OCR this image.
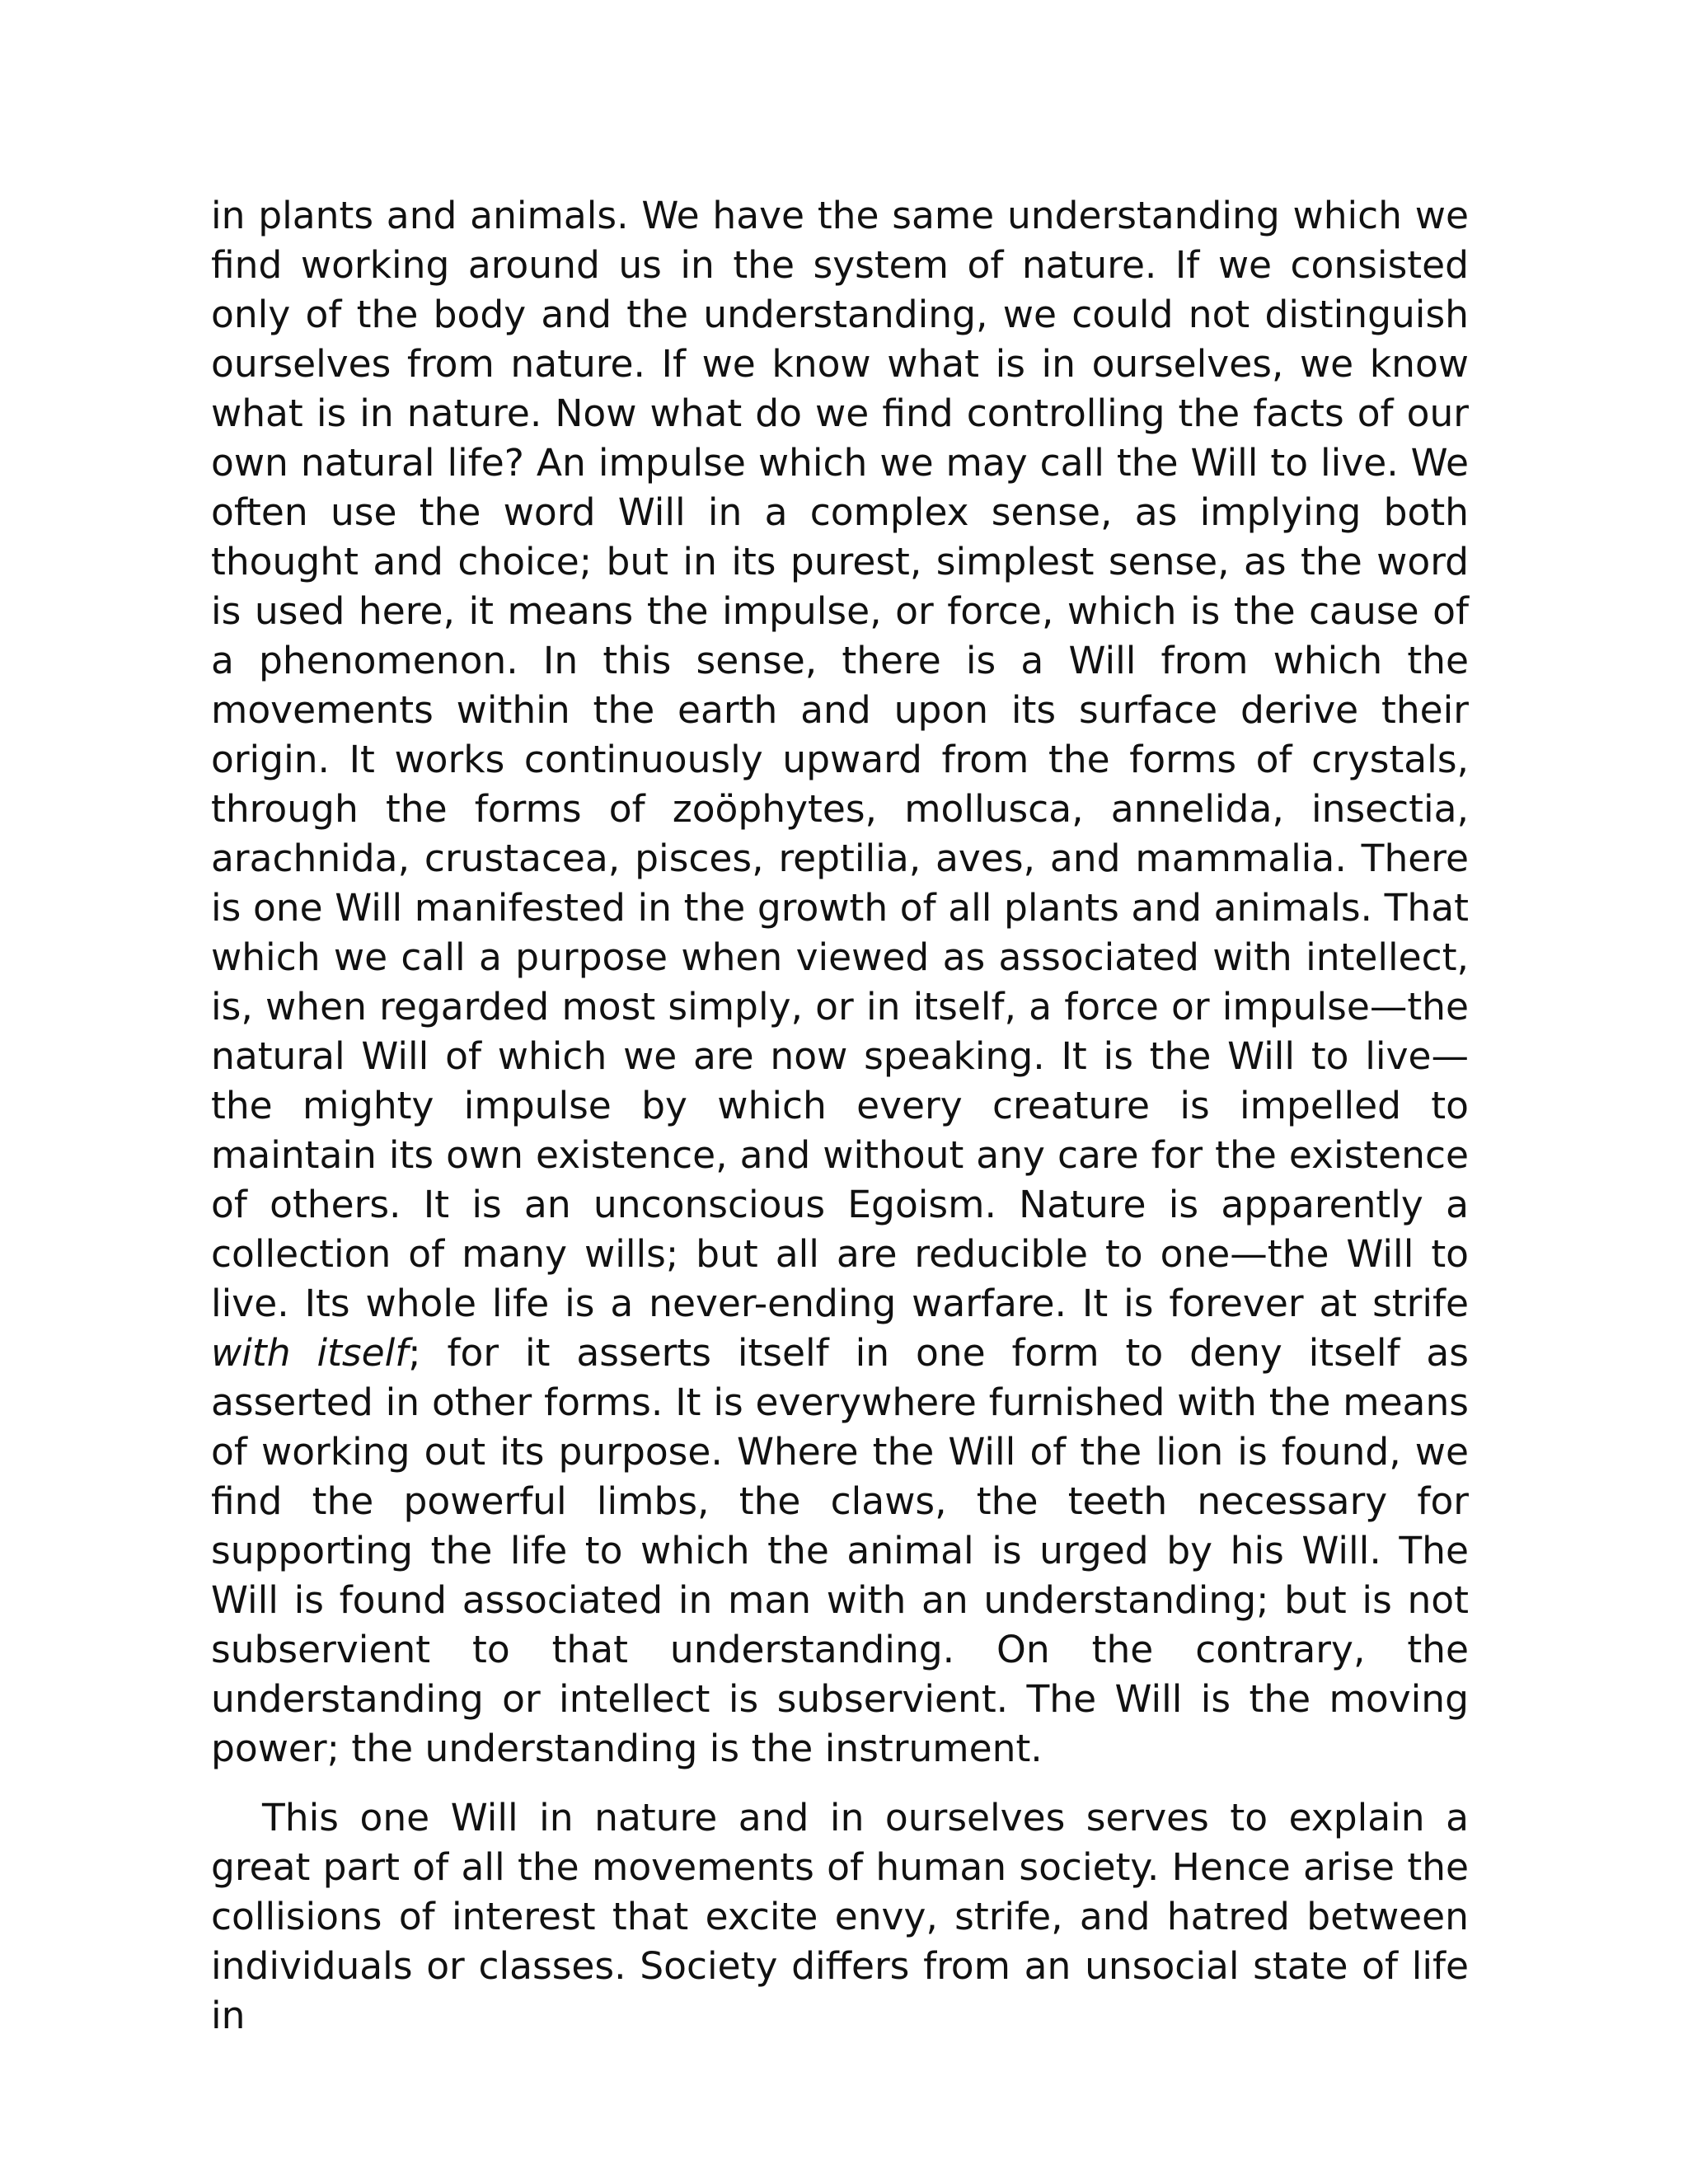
in plants and animals. We have the same understanding which we find working around us in the system of nature. If we consisted only of the body and the understanding, we could not distinguish ourselves from nature. If we know what is in ourselves, we know what is in nature. Now what do we find controlling the facts of our own natural life? An impulse which we may call the Will to live. We often use the word Will in a complex sense, as implying both thought and choice; but in its purest, simplest sense, as the word is used here, it means the impulse, or force, which is the cause of a phenomenon. In this sense, there is a Will from which the movements within the earth and upon its surface derive their origin. It works continuously upward from the forms of crystals, through the forms of zoöphytes, mollusca, annelida, insectia, arachnida, crustacea, pisces, reptilia, aves, and mammalia. There is one Will manifested in the growth of all plants and animals. That which we call a purpose when viewed as associated with intellect, is, when regarded most simply, or in itself, a force or impulse—the natural Will of which we are now speaking. It is the Will to live—the mighty impulse by which every creature is impelled to maintain its own existence, and without any care for the existence of others. It is an unconscious Egoism. Nature is apparently a collection of many wills; but all are reducible to one—the Will to live. Its whole life is a never-ending warfare. It is forever at strife with itself; for it asserts itself in one form to deny itself as asserted in other forms. It is everywhere furnished with the means of working out its purpose. Where the Will of the lion is found, we find the powerful limbs, the claws, the teeth necessary for supporting the life to which the animal is urged by his Will. The Will is found associated in man with an understanding; but is not subservient to that understanding. On the contrary, the understanding or intellect is subservient. The Will is the moving power; the understanding is the instrument.

This one Will in nature and in ourselves serves to explain a great part of all the movements of human society. Hence arise the collisions of interest that excite envy, strife, and hatred between individuals or classes. Society differs from an unsocial state of life in
